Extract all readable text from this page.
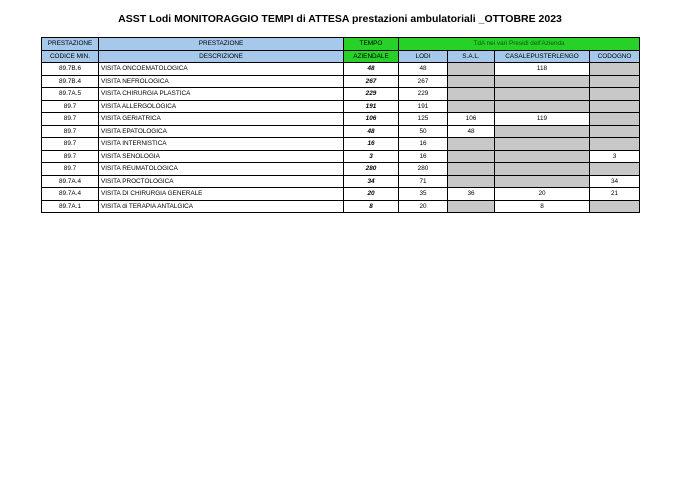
ASST Lodi MONITORAGGIO TEMPI di ATTESA prestazioni ambulatoriali _OTTOBRE 2023
PRESTAZIONE	PRESTAZIONE	TEMPO	TdA nei vari Presidi dell'Azienda			
CODICE MIN.	DESCRIZIONE	AZIENDALE	LODI	S.A.L.	CASALEPUSTERLENGO	CODOGNO
89.7B.6	VISITA ONCOEMATOLOGICA	48	48		118	
89.7B.4	VISITA NEFROLOGICA	267	267			
89.7A.5	VISITA CHIRURGIA PLASTICA	229	229			
89.7	VISITA ALLERGOLOGICA	191	191			
89.7	VISITA GERIATRICA	106	125	106	119	
89.7	VISITA EPATOLOGICA	48	50	48		
89.7	VISITA INTERNISTICA	16	16			
89.7	VISITA SENOLOGIA	3	16			3
89.7	VISITA REUMATOLOGICA	280	280			
89.7A.4	VISITA PROCTOLOGICA	34	71			34
89.7A.4	VISITA DI CHIRURGIA GENERALE	20	35	36	20	21
89.7A.1	VISITA di TERAPIA ANTALGICA	8	20		8	
